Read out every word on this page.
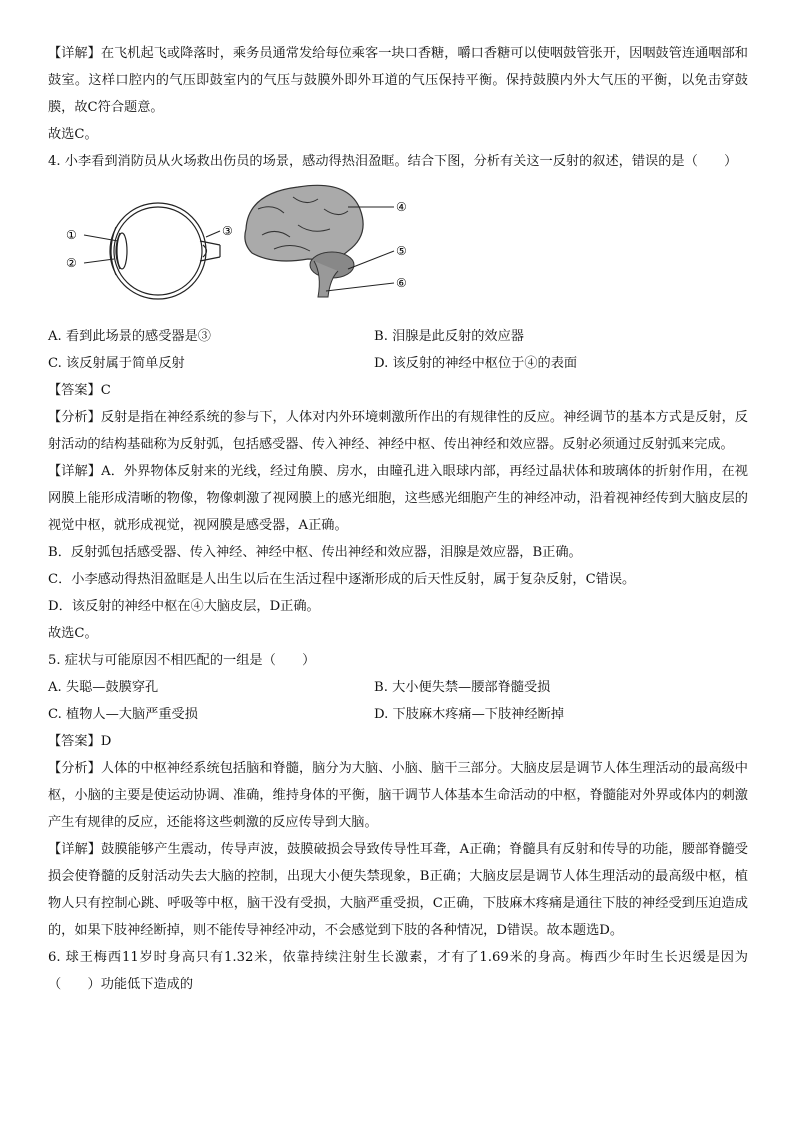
【详解】在飞机起飞或降落时，乘务员通常发给每位乘客一块口香糖，嚼口香糖可以使咽鼓管张开，因咽鼓管连通咽部和鼓室。这样口腔内的气压即鼓室内的气压与鼓膜外即外耳道的气压保持平衡。保持鼓膜内外大气压的平衡，以免击穿鼓膜，故C符合题意。

故选C。

4. 小李看到消防员从火场救出伤员的场景，感动得热泪盈眶。结合下图，分析有关这一反射的叙述，错误的是（　　）

①
②
③
④
⑤
⑥
A. 看到此场景的感受器是③	B. 泪腺是此反射的效应器
C. 该反射属于简单反射	D. 该反射的神经中枢位于④的表面

【答案】C

【分析】反射是指在神经系统的参与下，人体对内外环境刺激所作出的有规律性的反应。神经调节的基本方式是反射，反射活动的结构基础称为反射弧，包括感受器、传入神经、神经中枢、传出神经和效应器。反射必须通过反射弧来完成。

【详解】A．外界物体反射来的光线，经过角膜、房水，由瞳孔进入眼球内部，再经过晶状体和玻璃体的折射作用，在视网膜上能形成清晰的物像，物像刺激了视网膜上的感光细胞，这些感光细胞产生的神经冲动，沿着视神经传到大脑皮层的视觉中枢，就形成视觉，视网膜是感受器，A正确。

B．反射弧包括感受器、传入神经、神经中枢、传出神经和效应器，泪腺是效应器，B正确。

C．小李感动得热泪盈眶是人出生以后在生活过程中逐渐形成的后天性反射，属于复杂反射，C错误。

D．该反射的神经中枢在④大脑皮层，D正确。

故选C。

5. 症状与可能原因不相匹配的一组是（　　）

A. 失聪—鼓膜穿孔	B. 大小便失禁—腰部脊髓受损
C. 植物人—大脑严重受损	D. 下肢麻木疼痛—下肢神经断掉

【答案】D

【分析】人体的中枢神经系统包括脑和脊髓，脑分为大脑、小脑、脑干三部分。大脑皮层是调节人体生理活动的最高级中枢，小脑的主要是使运动协调、准确，维持身体的平衡，脑干调节人体基本生命活动的中枢，脊髓能对外界或体内的刺激产生有规律的反应，还能将这些刺激的反应传导到大脑。

【详解】鼓膜能够产生震动，传导声波，鼓膜破损会导致传导性耳聋，A正确；脊髓具有反射和传导的功能，腰部脊髓受损会使脊髓的反射活动失去大脑的控制，出现大小便失禁现象，B正确；大脑皮层是调节人体生理活动的最高级中枢，植物人只有控制心跳、呼吸等中枢，脑干没有受损，大脑严重受损，C正确，下肢麻木疼痛是通往下肢的神经受到压迫造成的，如果下肢神经断掉，则不能传导神经冲动，不会感觉到下肢的各种情况，D错误。故本题选D。

6. 球王梅西11岁时身高只有1.32米，依靠持续注射生长激素，才有了1.69米的身高。梅西少年时生长迟缓是因为（　　）功能低下造成的
